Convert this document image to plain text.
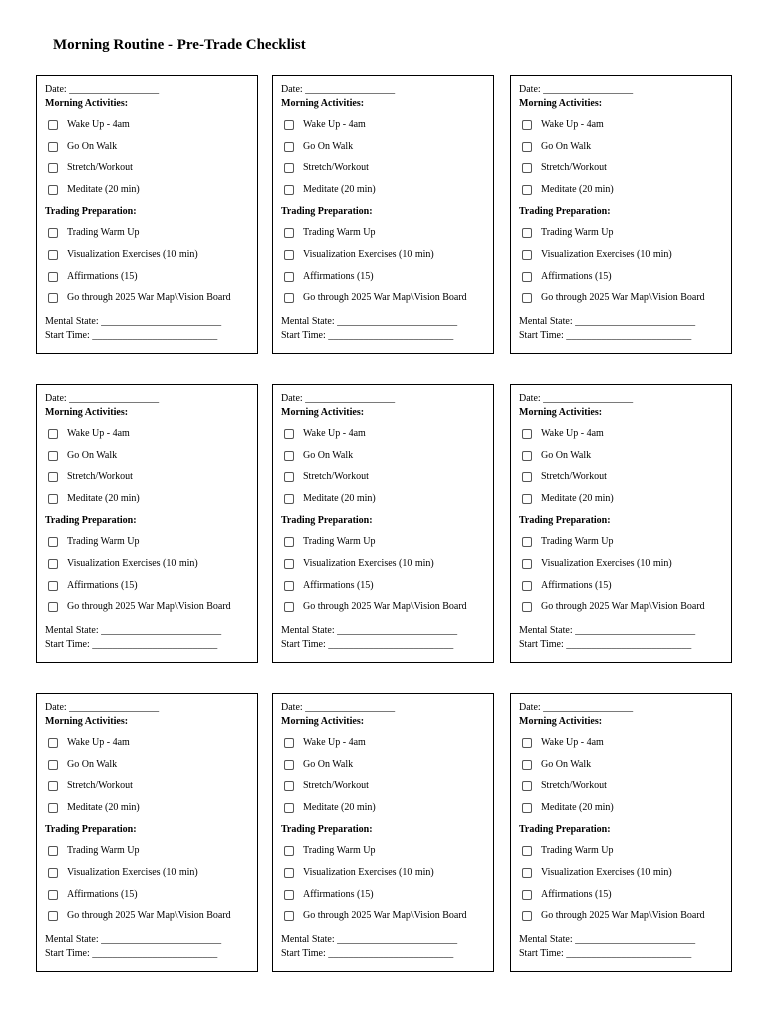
Morning Routine - Pre-Trade Checklist
Date: __________________
Morning Activities:
Wake Up - 4am
Go On Walk
Stretch/Workout
Meditate (20 min)
Trading Preparation:
Trading Warm Up
Visualization Exercises (10 min)
Affirmations (15)
Go through 2025 War Map\Vision Board
Mental State: ________________________
Start Time: _________________________
Date: __________________
Morning Activities:
Wake Up - 4am
Go On Walk
Stretch/Workout
Meditate (20 min)
Trading Preparation:
Trading Warm Up
Visualization Exercises (10 min)
Affirmations (15)
Go through 2025 War Map\Vision Board
Mental State: ________________________
Start Time: _________________________
Date: __________________
Morning Activities:
Wake Up - 4am
Go On Walk
Stretch/Workout
Meditate (20 min)
Trading Preparation:
Trading Warm Up
Visualization Exercises (10 min)
Affirmations (15)
Go through 2025 War Map\Vision Board
Mental State: ________________________
Start Time: _________________________
Date: __________________
Morning Activities:
Wake Up - 4am
Go On Walk
Stretch/Workout
Meditate (20 min)
Trading Preparation:
Trading Warm Up
Visualization Exercises (10 min)
Affirmations (15)
Go through 2025 War Map\Vision Board
Mental State: ________________________
Start Time: _________________________
Date: __________________
Morning Activities:
Wake Up - 4am
Go On Walk
Stretch/Workout
Meditate (20 min)
Trading Preparation:
Trading Warm Up
Visualization Exercises (10 min)
Affirmations (15)
Go through 2025 War Map\Vision Board
Mental State: ________________________
Start Time: _________________________
Date: __________________
Morning Activities:
Wake Up - 4am
Go On Walk
Stretch/Workout
Meditate (20 min)
Trading Preparation:
Trading Warm Up
Visualization Exercises (10 min)
Affirmations (15)
Go through 2025 War Map\Vision Board
Mental State: ________________________
Start Time: _________________________
Date: __________________
Morning Activities:
Wake Up - 4am
Go On Walk
Stretch/Workout
Meditate (20 min)
Trading Preparation:
Trading Warm Up
Visualization Exercises (10 min)
Affirmations (15)
Go through 2025 War Map\Vision Board
Mental State: ________________________
Start Time: _________________________
Date: __________________
Morning Activities:
Wake Up - 4am
Go On Walk
Stretch/Workout
Meditate (20 min)
Trading Preparation:
Trading Warm Up
Visualization Exercises (10 min)
Affirmations (15)
Go through 2025 War Map\Vision Board
Mental State: ________________________
Start Time: _________________________
Date: __________________
Morning Activities:
Wake Up - 4am
Go On Walk
Stretch/Workout
Meditate (20 min)
Trading Preparation:
Trading Warm Up
Visualization Exercises (10 min)
Affirmations (15)
Go through 2025 War Map\Vision Board
Mental State: ________________________
Start Time: _________________________
